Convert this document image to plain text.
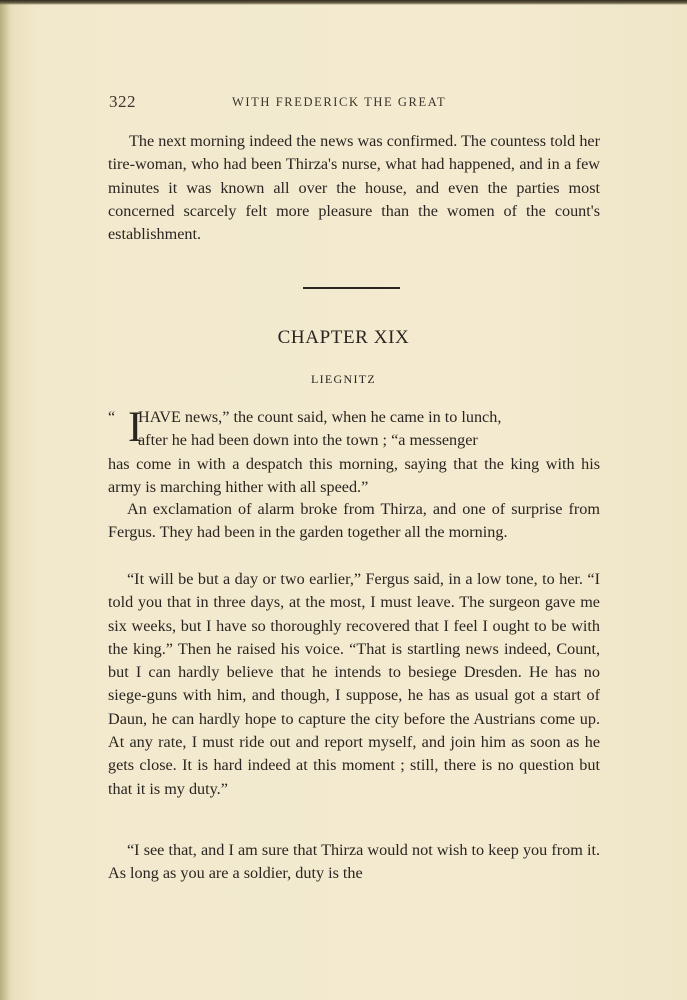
322	WITH FREDERICK THE GREAT

The next morning indeed the news was confirmed. The countess told her tire-woman, who had been Thirza's nurse, what had happened, and in a few minutes it was known all over the house, and even the parties most concerned scarcely felt more pleasure than the women of the count's establishment.

CHAPTER XIX
LIEGNITZ
“ I

HAVE news,” the count said, when he came in to lunch,
after he had been down into the town ; “a messenger
has come in with a despatch this morning, saying that the king with his army is marching hither with all speed.”

An exclamation of alarm broke from Thirza, and one of surprise from Fergus. They had been in the garden together all the morning.

“It will be but a day or two earlier,” Fergus said, in a low tone, to her. “I told you that in three days, at the most, I must leave. The surgeon gave me six weeks, but I have so thoroughly recovered that I feel I ought to be with the king.” Then he raised his voice. “That is startling news indeed, Count, but I can hardly believe that he intends to besiege Dresden. He has no siege-guns with him, and though, I suppose, he has as usual got a start of Daun, he can hardly hope to capture the city before the Austrians come up. At any rate, I must ride out and report myself, and join him as soon as he gets close. It is hard indeed at this moment ; still, there is no question but that it is my duty.”

“I see that, and I am sure that Thirza would not wish to keep you from it. As long as you are a soldier, duty is the
